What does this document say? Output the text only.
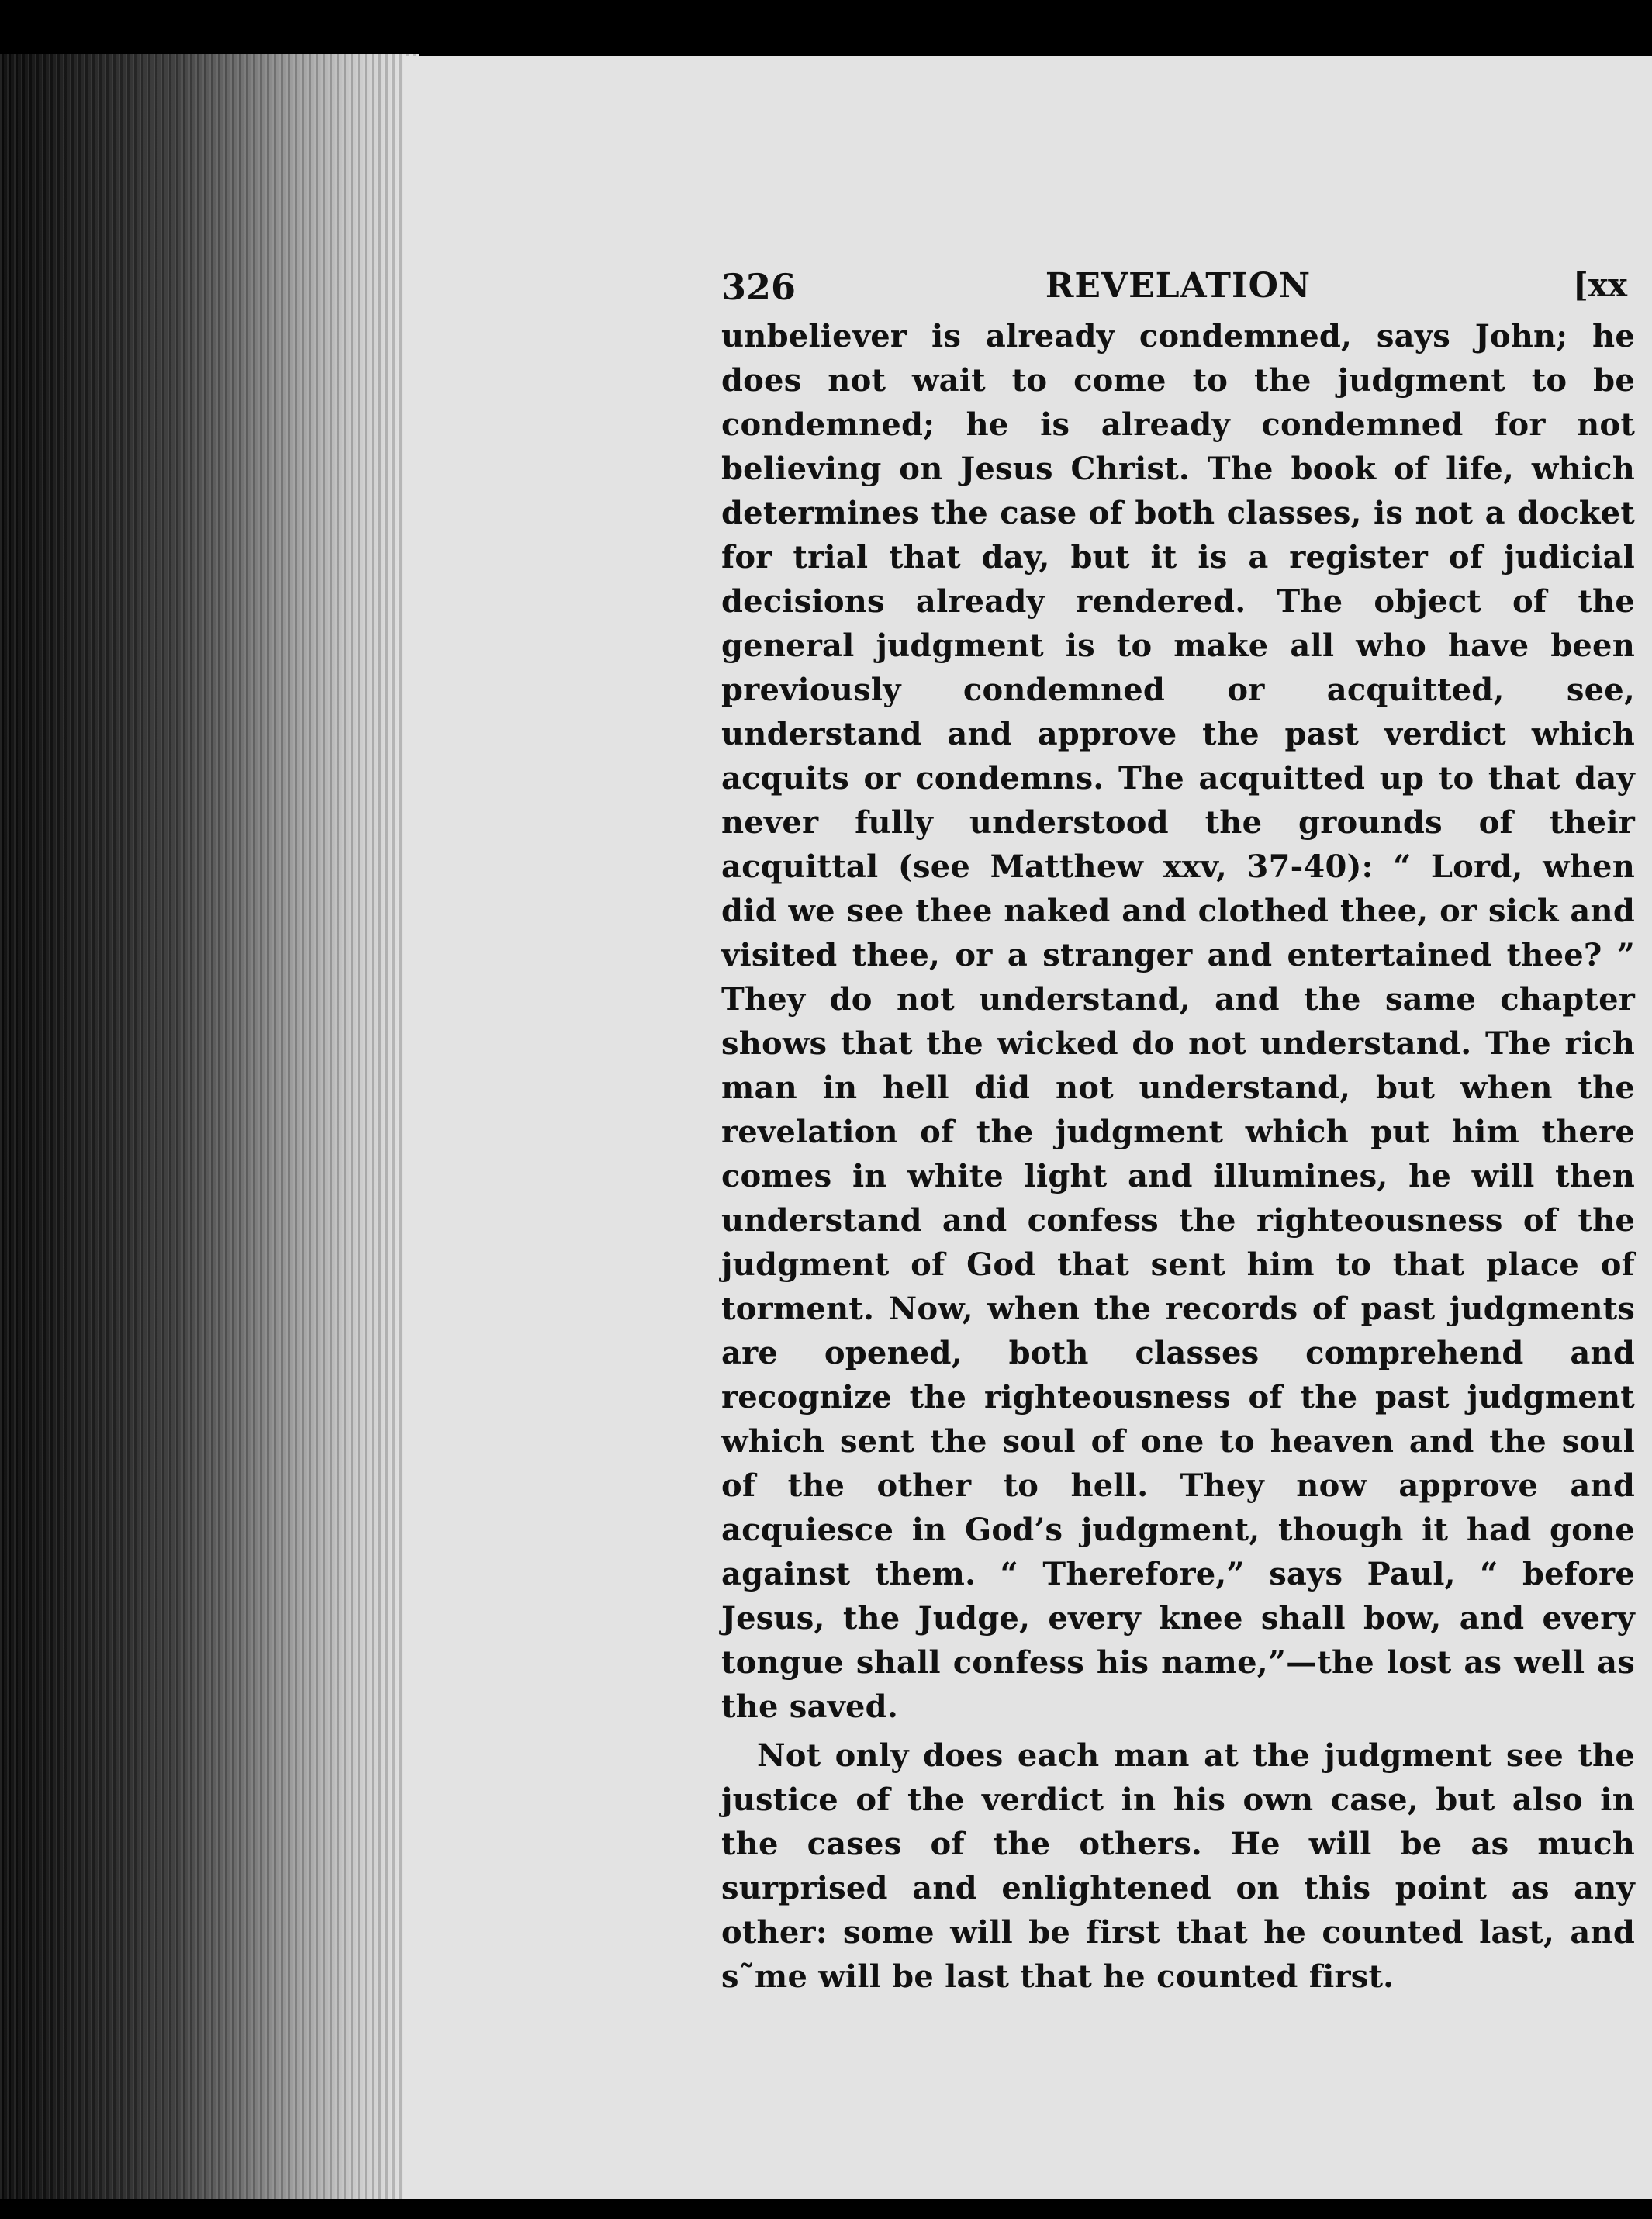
326	REVELATION	[xx

unbeliever is already condemned, says John; he does not wait to come to the judgment to be condemned; he is already condemned for not believing on Jesus Christ. The book of life, which determines the case of both classes, is not a docket for trial that day, but it is a register of judicial decisions already rendered. The object of the general judgment is to make all who have been previously condemned or acquitted, see, understand and approve the past verdict which acquits or condemns. The acquitted up to that day never fully understood the grounds of their acquittal (see Matthew xxv, 37-40): “ Lord, when did we see thee naked and clothed thee, or sick and visited thee, or a stranger and entertained thee? ” They do not understand, and the same chapter shows that the wicked do not understand. The rich man in hell did not understand, but when the revelation of the judgment which put him there comes in white light and illumines, he will then understand and confess the righteousness of the judgment of God that sent him to that place of torment. Now, when the records of past judgments are opened, both classes comprehend and recognize the righteousness of the past judgment which sent the soul of one to heaven and the soul of the other to hell. They now approve and acquiesce in God’s judgment, though it had gone against them. “ Therefore,” says Paul, “ before Jesus, the Judge, every knee shall bow, and every tongue shall confess his name,”—the lost as well as the saved.

Not only does each man at the judgment see the justice of the verdict in his own case, but also in the cases of the others. He will be as much surprised and enlightened on this point as any other: some will be first that he counted last, and s˜me will be last that he counted first.
